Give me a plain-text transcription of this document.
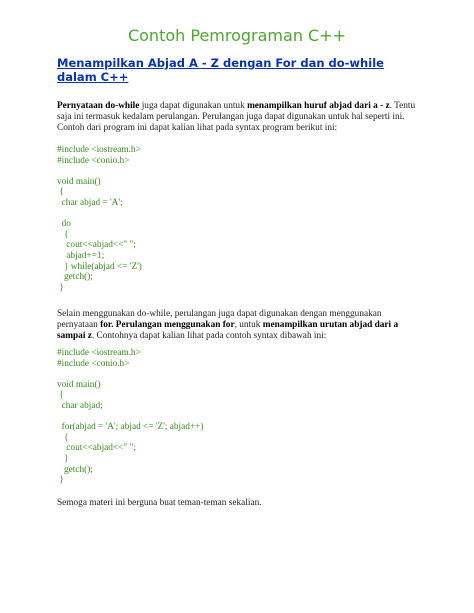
Contoh Pemrograman C++
Menampilkan Abjad A - Z dengan For dan do-while dalam C++
Pernyataan do-while juga dapat digunakan untuk menampilkan huruf abjad dari a - z. Tentu saja ini termasuk kedalam perulangan. Perulangan juga dapat digunakan untuk hal seperti ini. Contoh dari program ini dapat kalian lihat pada syntax program berikut ini:
#include <iostream.h>
#include <conio.h>
void main()
{
char abjad = 'A';
do
{
cout<<abjad<<" ";
abjad+=1;
} while(abjad <= 'Z')
getch();
}
Selain menggunakan do-while, perulangan juga dapat digunakan dengan menggunakan pernyataan for. Perulangan menggunakan for, untuk menampilkan urutan abjad dari a sampai z. Contohnya dapat kalian lihat pada contoh syntax dibawah ini:
#include <iostream.h>
#include <conio.h>
void main()
{
char abjad;
for(abjad = 'A'; abjad <= 'Z'; abjad++)
{
cout<<abjad<<" ";
}
getch();
}
Semoga materi ini berguna buat teman-teman sekalian.
